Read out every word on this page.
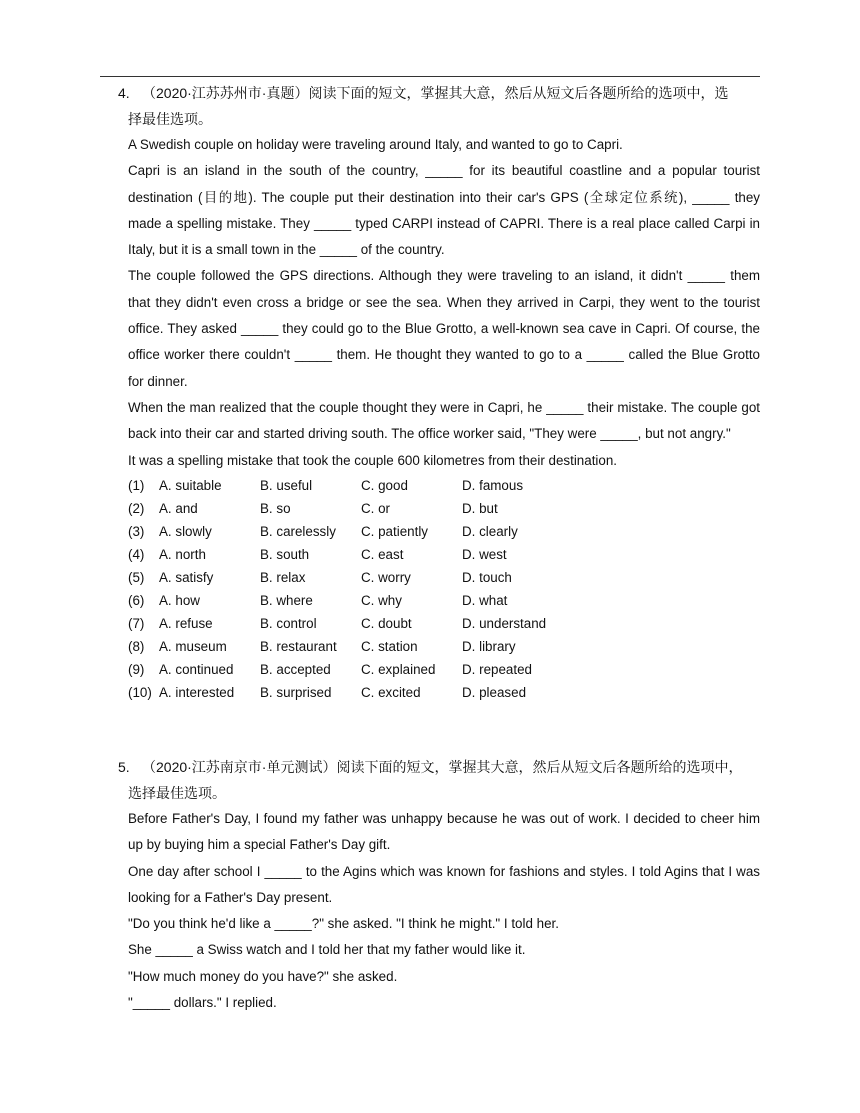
4. （2020·江苏苏州市·真题）阅读下面的短文，掌握其大意，然后从短文后各题所给的选项中，选
择最佳选项。

A Swedish couple on holiday were traveling around Italy, and wanted to go to Capri.

Capri is an island in the south of the country, _____ for its beautiful coastline and a popular tourist destination (目的地). The couple put their destination into their car's GPS (全球定位系统), _____ they made a spelling mistake. They _____ typed CARPI instead of CAPRI. There is a real place called Carpi in Italy, but it is a small town in the _____ of the country.

The couple followed the GPS directions. Although they were traveling to an island, it didn't _____ them that they didn't even cross a bridge or see the sea. When they arrived in Carpi, they went to the tourist office. They asked _____ they could go to the Blue Grotto, a well-known sea cave in Capri. Of course, the office worker there couldn't _____ them. He thought they wanted to go to a _____ called the Blue Grotto for dinner.

When the man realized that the couple thought they were in Capri, he _____ their mistake. The couple got back into their car and started driving south. The office worker said, "They were _____, but not angry."

It was a spelling mistake that took the couple 600 kilometres from their destination.

(1)	A. suitable	B. useful	C. good	D. famous
(2)	A. and	B. so	C. or	D. but
(3)	A. slowly	B. carelessly	C. patiently	D. clearly
(4)	A. north	B. south	C. east	D. west
(5)	A. satisfy	B. relax	C. worry	D. touch
(6)	A. how	B. where	C. why	D. what
(7)	A. refuse	B. control	C. doubt	D. understand
(8)	A. museum	B. restaurant	C. station	D. library
(9)	A. continued	B. accepted	C. explained	D. repeated
(10) A. interested	B. surprised	C. excited	D. pleased
5. （2020·江苏南京市·单元测试）阅读下面的短文，掌握其大意，然后从短文后各题所给的选项中，
选择最佳选项。

Before Father's Day, I found my father was unhappy because he was out of work. I decided to cheer him up by buying him a special Father's Day gift.

One day after school I _____ to the Agins which was known for fashions and styles. I told Agins that I was looking for a Father's Day present.

"Do you think he'd like a _____?" she asked. "I think he might." I told her.

She _____ a Swiss watch and I told her that my father would like it.

"How much money do you have?" she asked.

"_____ dollars." I replied.
